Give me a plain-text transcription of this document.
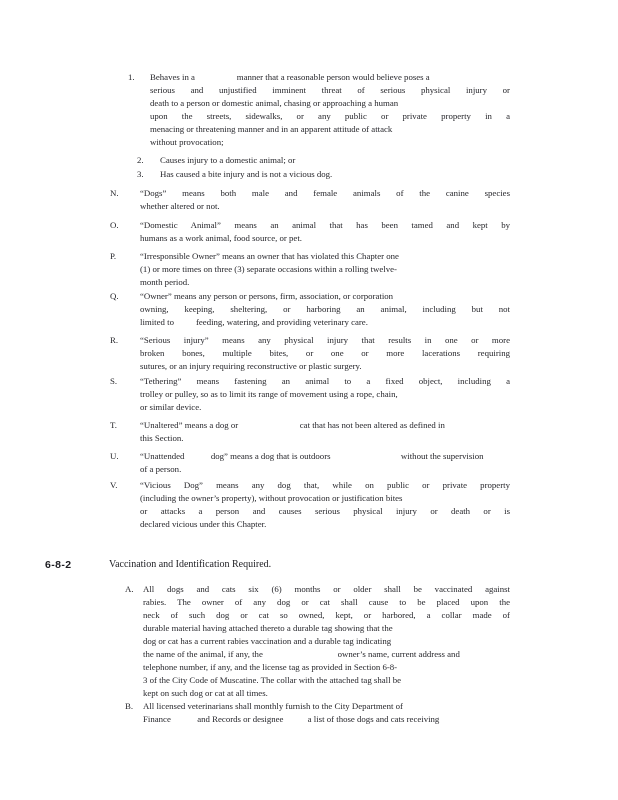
1. Behaves in a                   manner that a reasonable person would believe poses a
serious and unjustified imminent threat of serious physical injury or
death to a person or domestic animal, chasing or approaching a human
upon the streets, sidewalks, or any public or private property in a
menacing or threatening manner and in an apparent attitude of attack
without provocation;
2. Causes injury to a domestic animal; or
3. Has caused a bite injury and is not a vicious dog.
N. “Dogs” means both male and female animals of the canine species
whether altered or not.
O. “Domestic Animal” means an animal that has been tamed and kept by
humans as a work animal, food source, or pet.
P.	“Irresponsible Owner” means an owner that has violated this Chapter one
(1) or more times on three (3) separate occasions within a rolling twelve-
month period.
Q. “Owner” means any person or persons, firm, association, or corporation
owning, keeping, sheltering, or harboring an animal, including but not
limited to          feeding, watering, and providing veterinary care.
R. “Serious injury” means any physical injury that results in one or more
broken bones, multiple bites, or one or more lacerations requiring
sutures, or an injury requiring reconstructive or plastic surgery.
S.	“Tethering” means fastening an animal to a fixed object, including a
trolley or pulley, so as to limit its range of movement using a rope, chain,
or similar device.
T.	“Unaltered” means a dog or                            cat that has not been altered as defined in
this Section.
U. “Unattended            dog” means a dog that is outdoors                                without the supervision
of a person.
V.	“Vicious Dog” means any dog that, while on public or private property
(including the owner’s property), without provocation or justification bites
or attacks a person and causes serious physical injury or death or is
declared vicious under this Chapter.
6-8-2	Vaccination and Identification Required.
A. All dogs and cats six (6) months or older shall be vaccinated against
rabies. The owner of any dog or cat shall cause to be placed upon the
neck of such dog or cat so owned, kept, or harbored, a collar made of
durable material having attached thereto a durable tag showing that the
dog or cat has a current rabies vaccination and a durable tag indicating
the name of the animal, if any, the                                  owner’s name, current address and
telephone number, if any, and the license tag as provided in Section 6-8-
3 of the City Code of Muscatine. The collar with the attached tag shall be
kept on such dog or cat at all times.
B. All licensed veterinarians shall monthly furnish to the City Department of
Finance            and Records or designee           a list of those dogs and cats receiving
